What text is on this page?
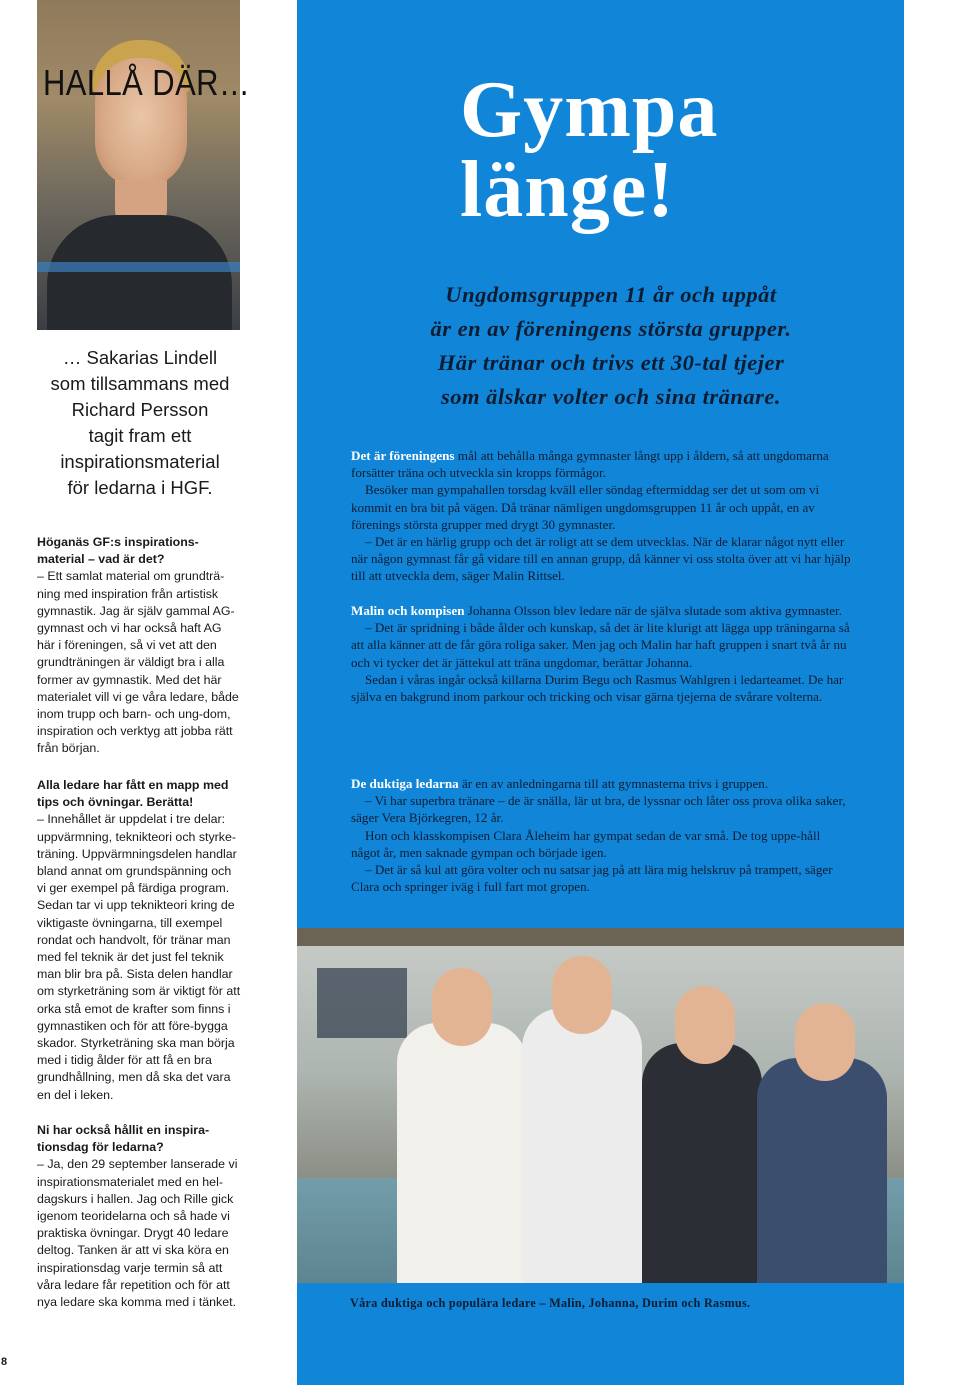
HALLÅ DÄR…

… Sakarias Lindell
som tillsammans med
Richard Persson
tagit fram ett
inspirationsmaterial
för ledarna i HGF.

Höganäs GF:s inspirations-material – vad är det?
– Ett samlat material om grundträ-ning med inspiration från artistisk gymnastik. Jag är själv gammal AG-gymnast och vi har också haft AG här i föreningen, så vi vet att den grundträningen är väldigt bra i alla former av gymnastik. Med det här materialet vill vi ge våra ledare, både inom trupp och barn- och ung-dom, inspiration och verktyg att jobba rätt från början.

Alla ledare har fått en mapp med tips och övningar. Berätta!
– Innehållet är uppdelat i tre delar: uppvärmning, teknikteori och styrke-träning. Uppvärmningsdelen handlar bland annat om grundspänning och vi ger exempel på färdiga program. Sedan tar vi upp teknikteori kring de viktigaste övningarna, till exempel rondat och handvolt, för tränar man med fel teknik är det just fel teknik man blir bra på. Sista delen handlar om styrketräning som är viktigt för att orka stå emot de krafter som finns i gymnastiken och för att före-bygga skador. Styrketräning ska man börja med i tidig ålder för att få en bra grundhållning, men då ska det vara en del i leken.

Ni har också hållit en inspira-tionsdag för ledarna?
– Ja, den 29 september lanserade vi inspirationsmaterialet med en hel-dagskurs i hallen. Jag och Rille gick igenom teoridelarna och så hade vi praktiska övningar. Drygt 40 ledare deltog. Tanken är att vi ska köra en inspirationsdag varje termin så att våra ledare får repetition och för att nya ledare ska komma med i tänket.

8
Gympa
länge!

Ungdomsgruppen 11 år och uppåt
är en av föreningens största grupper.
Här tränar och trivs ett 30-tal tjejer
som älskar volter och sina tränare.

Det är föreningens mål att behålla många gymnaster långt upp i åldern, så att ungdomarna forsätter träna och utveckla sin kropps förmågor.
Besöker man gympahallen torsdag kväll eller söndag eftermiddag ser det ut som om vi kommit en bra bit på vägen. Då tränar nämligen ungdomsgruppen 11 år och uppåt, en av förenings största grupper med drygt 30 gymnaster.
– Det är en härlig grupp och det är roligt att se dem utvecklas. När de klarar något nytt eller när någon gymnast får gå vidare till en annan grupp, då känner vi oss stolta över att vi har hjälp till att utveckla dem, säger Malin Rittsel.

Malin och kompisen Johanna Olsson blev ledare när de själva slutade som aktiva gymnaster.
– Det är spridning i både ålder och kunskap, så det är lite klurigt att lägga upp träningarna så att alla känner att de får göra roliga saker. Men jag och Malin har haft gruppen i snart två år nu och vi tycker det är jättekul att träna ungdomar, berättar Johanna.
Sedan i våras ingår också killarna Durim Begu och Rasmus Wahlgren i ledarteamet. De har själva en bakgrund inom parkour och tricking och visar gärna tjejerna de svårare volterna.

De duktiga ledarna är en av anledningarna till att gymnasterna trivs i gruppen.
– Vi har superbra tränare – de är snälla, lär ut bra, de lyssnar och låter oss prova olika saker, säger Vera Björkegren, 12 år.
Hon och klasskompisen Clara Åleheim har gympat sedan de var små. De tog uppe-håll något år, men saknade gympan och började igen.
– Det är så kul att göra volter och nu satsar jag på att lära mig helskruv på trampett, säger Clara och springer iväg i full fart mot gropen.

Våra duktiga och populära ledare – Malin, Johanna, Durim och Rasmus.
